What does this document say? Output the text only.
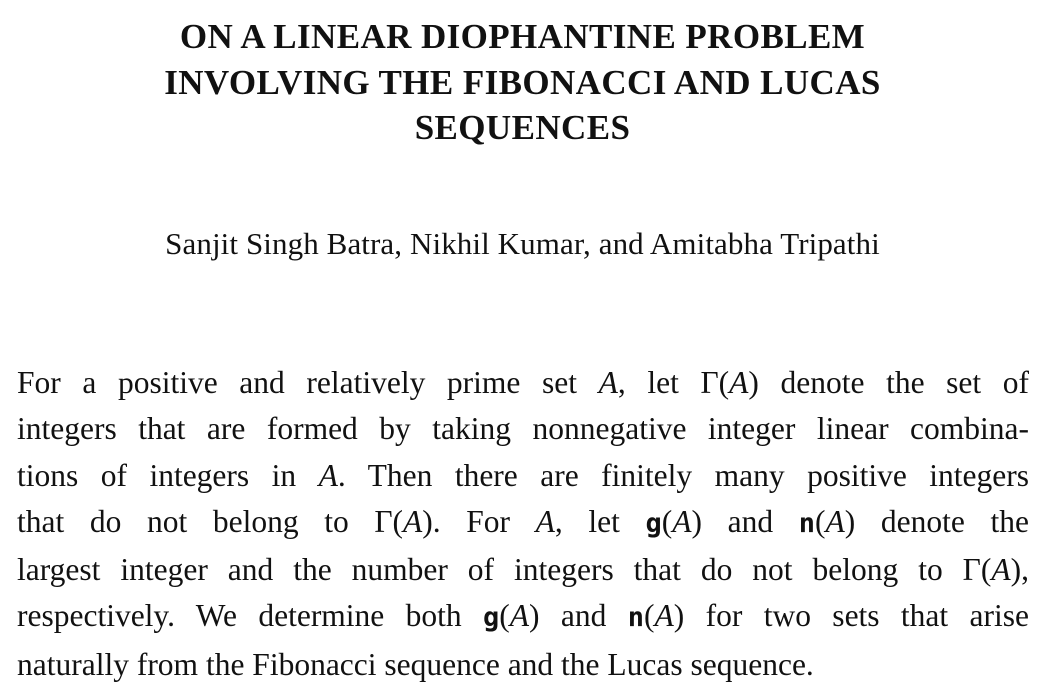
ON A LINEAR DIOPHANTINE PROBLEM
INVOLVING THE FIBONACCI AND LUCAS
SEQUENCES
Sanjit Singh Batra, Nikhil Kumar, and Amitabha Tripathi
For a positive and relatively prime set A, let Γ(A) denote the set of
integers that are formed by taking nonnegative integer linear combina-
tions of integers in A. Then there are finitely many positive integers
that do not belong to Γ(A). For A, let g(A) and n(A) denote the
largest integer and the number of integers that do not belong to Γ(A),
respectively. We determine both g(A) and n(A) for two sets that arise
naturally from the Fibonacci sequence and the Lucas sequence.
